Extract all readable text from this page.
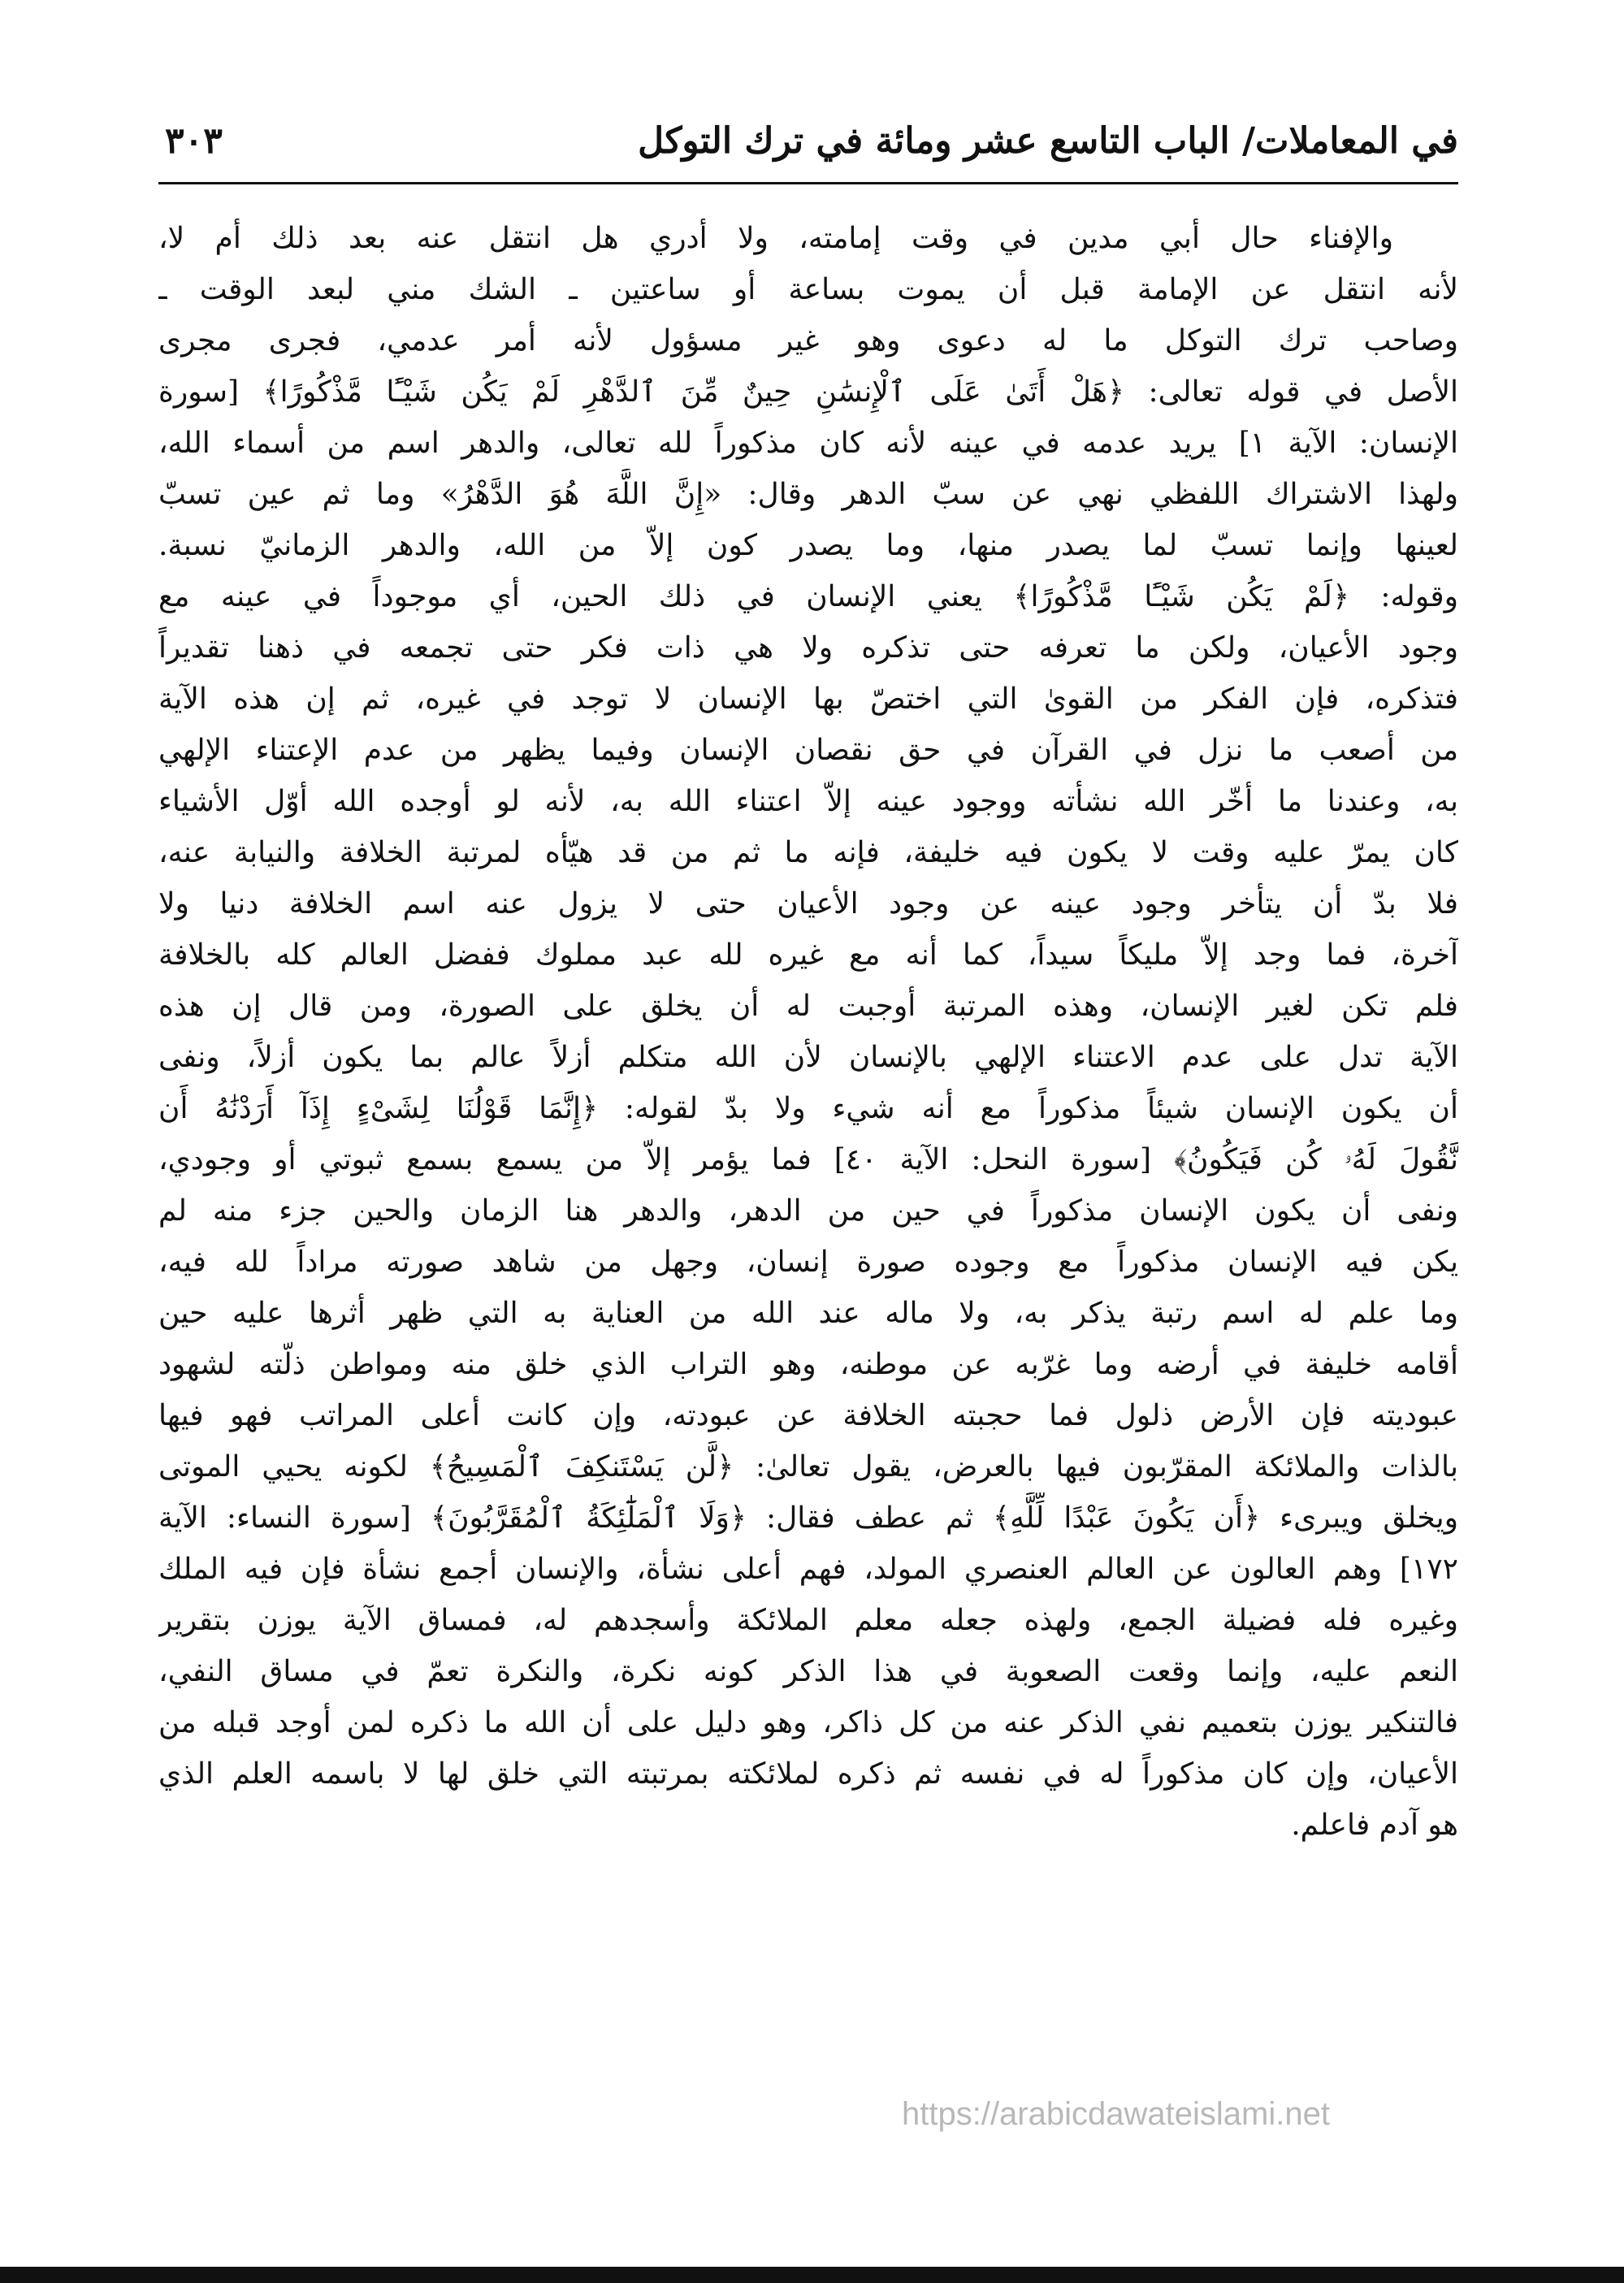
في المعاملات/ الباب التاسع عشر ومائة في ترك التوكل
٣٠٣
والإفناء حال أبي مدين في وقت إمامته، ولا أدري هل انتقل عنه بعد ذلك أم لا،
لأنه انتقل عن الإمامة قبل أن يموت بساعة أو ساعتين ـ الشك مني لبعد الوقت ـ
وصاحب ترك التوكل ما له دعوى وهو غير مسؤول لأنه أمر عدمي، فجرى مجرى
الأصل في قوله تعالى: ﴿هَلْ أَتَىٰ عَلَى ٱلْإِنسَٰنِ حِينٌ مِّنَ ٱلدَّهْرِ لَمْ يَكُن شَيْـًٔا مَّذْكُورًا﴾ [سورة
الإنسان: الآية ١] يريد عدمه في عينه لأنه كان مذكوراً لله تعالى، والدهر اسم من أسماء الله،
ولهذا الاشتراك اللفظي نهي عن سبّ الدهر وقال: «إِنَّ اللَّهَ هُوَ الدَّهْرُ» وما ثم عين تسبّ
لعينها وإنما تسبّ لما يصدر منها، وما يصدر كون إلاّ من الله، والدهر الزمانيّ نسبة.
وقوله: ﴿لَمْ يَكُن شَيْـًٔا مَّذْكُورًا﴾ يعني الإنسان في ذلك الحين، أي موجوداً في عينه مع
وجود الأعيان، ولكن ما تعرفه حتى تذكره ولا هي ذات فكر حتى تجمعه في ذهنا تقديراً
فتذكره، فإن الفكر من القوىٰ التي اختصّ بها الإنسان لا توجد في غيره، ثم إن هذه الآية
من أصعب ما نزل في القرآن في حق نقصان الإنسان وفيما يظهر من عدم الإعتناء الإلهي
به، وعندنا ما أخّر الله نشأته ووجود عينه إلاّ اعتناء الله به، لأنه لو أوجده الله أوّل الأشياء
كان يمرّ عليه وقت لا يكون فيه خليفة، فإنه ما ثم من قد هيّأه لمرتبة الخلافة والنيابة عنه،
فلا بدّ أن يتأخر وجود عينه عن وجود الأعيان حتى لا يزول عنه اسم الخلافة دنيا ولا
آخرة، فما وجد إلاّ مليكاً سيداً، كما أنه مع غيره لله عبد مملوك ففضل العالم كله بالخلافة
فلم تكن لغير الإنسان، وهذه المرتبة أوجبت له أن يخلق على الصورة، ومن قال إن هذه
الآية تدل على عدم الاعتناء الإلهي بالإنسان لأن الله متكلم أزلاً عالم بما يكون أزلاً، ونفى
أن يكون الإنسان شيئاً مذكوراً مع أنه شيء ولا بدّ لقوله: ﴿إِنَّمَا قَوْلُنَا لِشَىْءٍ إِذَآ أَرَدْنَٰهُ أَن
نَّقُولَ لَهُۥ كُن فَيَكُونُ﴾ [سورة النحل: الآية ٤٠] فما يؤمر إلاّ من يسمع بسمع ثبوتي أو وجودي،
ونفى أن يكون الإنسان مذكوراً في حين من الدهر، والدهر هنا الزمان والحين جزء منه لم
يكن فيه الإنسان مذكوراً مع وجوده صورة إنسان، وجهل من شاهد صورته مراداً لله فيه،
وما علم له اسم رتبة يذكر به، ولا ماله عند الله من العناية به التي ظهر أثرها عليه حين
أقامه خليفة في أرضه وما غرّبه عن موطنه، وهو التراب الذي خلق منه ومواطن ذلّته لشهود
عبوديته فإن الأرض ذلول فما حجبته الخلافة عن عبودته، وإن كانت أعلى المراتب فهو فيها
بالذات والملائكة المقرّبون فيها بالعرض، يقول تعالىٰ: ﴿لَّن يَسْتَنكِفَ ٱلْمَسِيحُ﴾ لكونه يحيي الموتى
ويخلق ويبرىء ﴿أَن يَكُونَ عَبْدًا لِّلَّهِ﴾ ثم عطف فقال: ﴿وَلَا ٱلْمَلَٰٓئِكَةُ ٱلْمُقَرَّبُونَ﴾ [سورة النساء: الآية
١٧٢] وهم العالون عن العالم العنصري المولد، فهم أعلى نشأة، والإنسان أجمع نشأة فإن فيه الملك
وغيره فله فضيلة الجمع، ولهذه جعله معلم الملائكة وأسجدهم له، فمساق الآية يوزن بتقرير
النعم عليه، وإنما وقعت الصعوبة في هذا الذكر كونه نكرة، والنكرة تعمّ في مساق النفي،
فالتنكير يوزن بتعميم نفي الذكر عنه من كل ذاكر، وهو دليل على أن الله ما ذكره لمن أوجد قبله من
الأعيان، وإن كان مذكوراً له في نفسه ثم ذكره لملائكته بمرتبته التي خلق لها لا باسمه العلم الذي
هو آدم فاعلم.
https://arabicdawateislami.net
